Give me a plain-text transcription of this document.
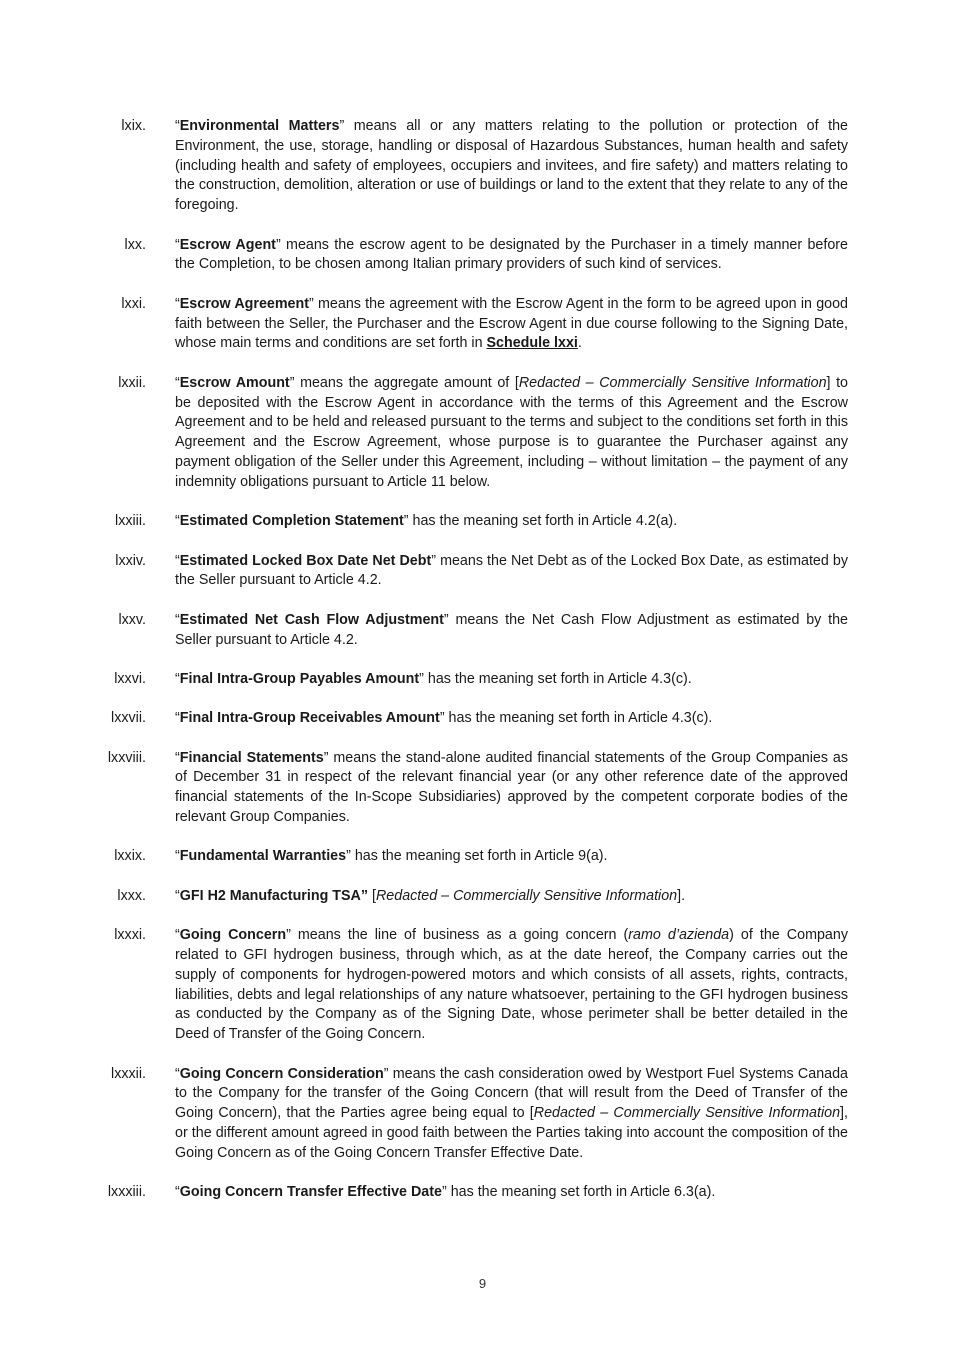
lxix. “Environmental Matters” means all or any matters relating to the pollution or protection of the Environment, the use, storage, handling or disposal of Hazardous Substances, human health and safety (including health and safety of employees, occupiers and invitees, and fire safety) and matters relating to the construction, demolition, alteration or use of buildings or land to the extent that they relate to any of the foregoing.
lxx. “Escrow Agent” means the escrow agent to be designated by the Purchaser in a timely manner before the Completion, to be chosen among Italian primary providers of such kind of services.
lxxi. “Escrow Agreement” means the agreement with the Escrow Agent in the form to be agreed upon in good faith between the Seller, the Purchaser and the Escrow Agent in due course following to the Signing Date, whose main terms and conditions are set forth in Schedule lxxi.
lxxii. “Escrow Amount” means the aggregate amount of [Redacted – Commercially Sensitive Information] to be deposited with the Escrow Agent in accordance with the terms of this Agreement and the Escrow Agreement and to be held and released pursuant to the terms and subject to the conditions set forth in this Agreement and the Escrow Agreement, whose purpose is to guarantee the Purchaser against any payment obligation of the Seller under this Agreement, including – without limitation – the payment of any indemnity obligations pursuant to Article 11 below.
lxxiii. “Estimated Completion Statement” has the meaning set forth in Article 4.2(a).
lxxiv. “Estimated Locked Box Date Net Debt” means the Net Debt as of the Locked Box Date, as estimated by the Seller pursuant to Article 4.2.
lxxv. “Estimated Net Cash Flow Adjustment” means the Net Cash Flow Adjustment as estimated by the Seller pursuant to Article 4.2.
lxxvi. “Final Intra-Group Payables Amount” has the meaning set forth in Article 4.3(c).
lxxvii. “Final Intra-Group Receivables Amount” has the meaning set forth in Article 4.3(c).
lxxviii. “Financial Statements” means the stand-alone audited financial statements of the Group Companies as of December 31 in respect of the relevant financial year (or any other reference date of the approved financial statements of the In-Scope Subsidiaries) approved by the competent corporate bodies of the relevant Group Companies.
lxxix. “Fundamental Warranties” has the meaning set forth in Article 9(a).
lxxx. “GFI H2 Manufacturing TSA” [Redacted – Commercially Sensitive Information].
lxxxi. “Going Concern” means the line of business as a going concern (ramo d’azienda) of the Company related to GFI hydrogen business, through which, as at the date hereof, the Company carries out the supply of components for hydrogen-powered motors and which consists of all assets, rights, contracts, liabilities, debts and legal relationships of any nature whatsoever, pertaining to the GFI hydrogen business as conducted by the Company as of the Signing Date, whose perimeter shall be better detailed in the Deed of Transfer of the Going Concern.
lxxxii. “Going Concern Consideration” means the cash consideration owed by Westport Fuel Systems Canada to the Company for the transfer of the Going Concern (that will result from the Deed of Transfer of the Going Concern), that the Parties agree being equal to [Redacted – Commercially Sensitive Information], or the different amount agreed in good faith between the Parties taking into account the composition of the Going Concern as of the Going Concern Transfer Effective Date.
lxxxiii. “Going Concern Transfer Effective Date” has the meaning set forth in Article 6.3(a).
9
